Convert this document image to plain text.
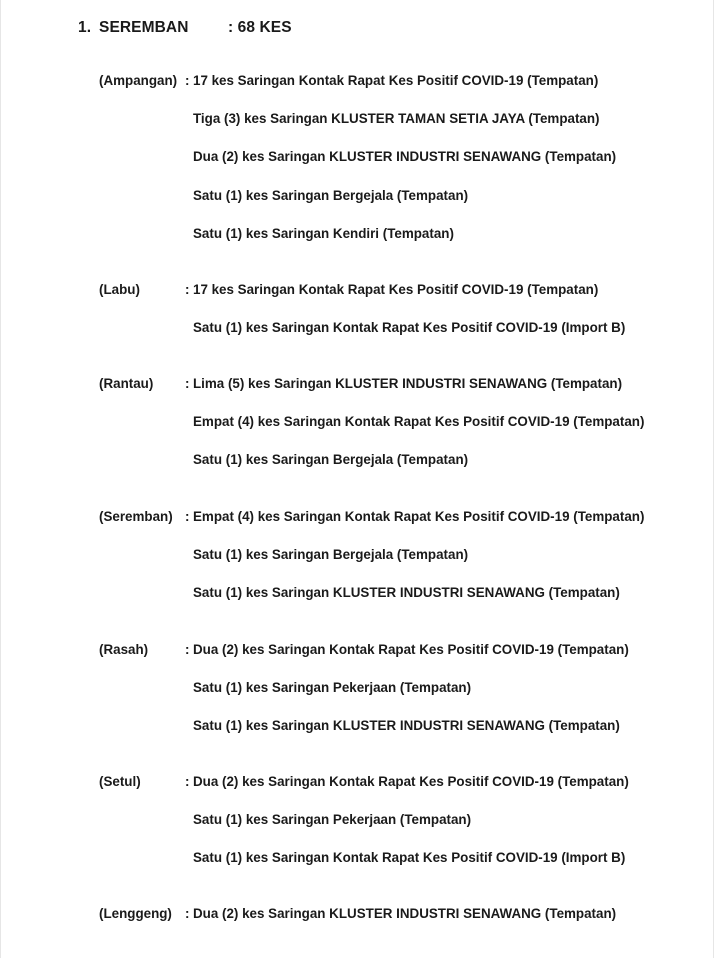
1. SEREMBAN	: 68 KES
(Ampangan) : 17 kes Saringan Kontak Rapat Kes Positif COVID-19 (Tempatan)
Tiga (3) kes Saringan KLUSTER TAMAN SETIA JAYA (Tempatan)
Dua (2) kes Saringan KLUSTER INDUSTRI SENAWANG (Tempatan)
Satu (1) kes Saringan Bergejala (Tempatan)
Satu (1) kes Saringan Kendiri (Tempatan)
(Labu)	: 17 kes Saringan Kontak Rapat Kes Positif COVID-19 (Tempatan)
Satu (1) kes Saringan Kontak Rapat Kes Positif COVID-19 (Import B)
(Rantau) : Lima (5) kes Saringan KLUSTER INDUSTRI SENAWANG (Tempatan)
Empat (4) kes Saringan Kontak Rapat Kes Positif COVID-19 (Tempatan)
Satu (1) kes Saringan Bergejala (Tempatan)
(Seremban) : Empat (4) kes Saringan Kontak Rapat Kes Positif COVID-19 (Tempatan)
Satu (1) kes Saringan Bergejala (Tempatan)
Satu (1) kes Saringan KLUSTER INDUSTRI SENAWANG (Tempatan)
(Rasah)	: Dua (2) kes Saringan Kontak Rapat Kes Positif COVID-19 (Tempatan)
Satu (1) kes Saringan Pekerjaan (Tempatan)
Satu (1) kes Saringan KLUSTER INDUSTRI SENAWANG (Tempatan)
(Setul)	: Dua (2) kes Saringan Kontak Rapat Kes Positif COVID-19 (Tempatan)
Satu (1) kes Saringan Pekerjaan (Tempatan)
Satu (1) kes Saringan Kontak Rapat Kes Positif COVID-19 (Import B)
(Lenggeng) : Dua (2) kes Saringan KLUSTER INDUSTRI SENAWANG (Tempatan)
